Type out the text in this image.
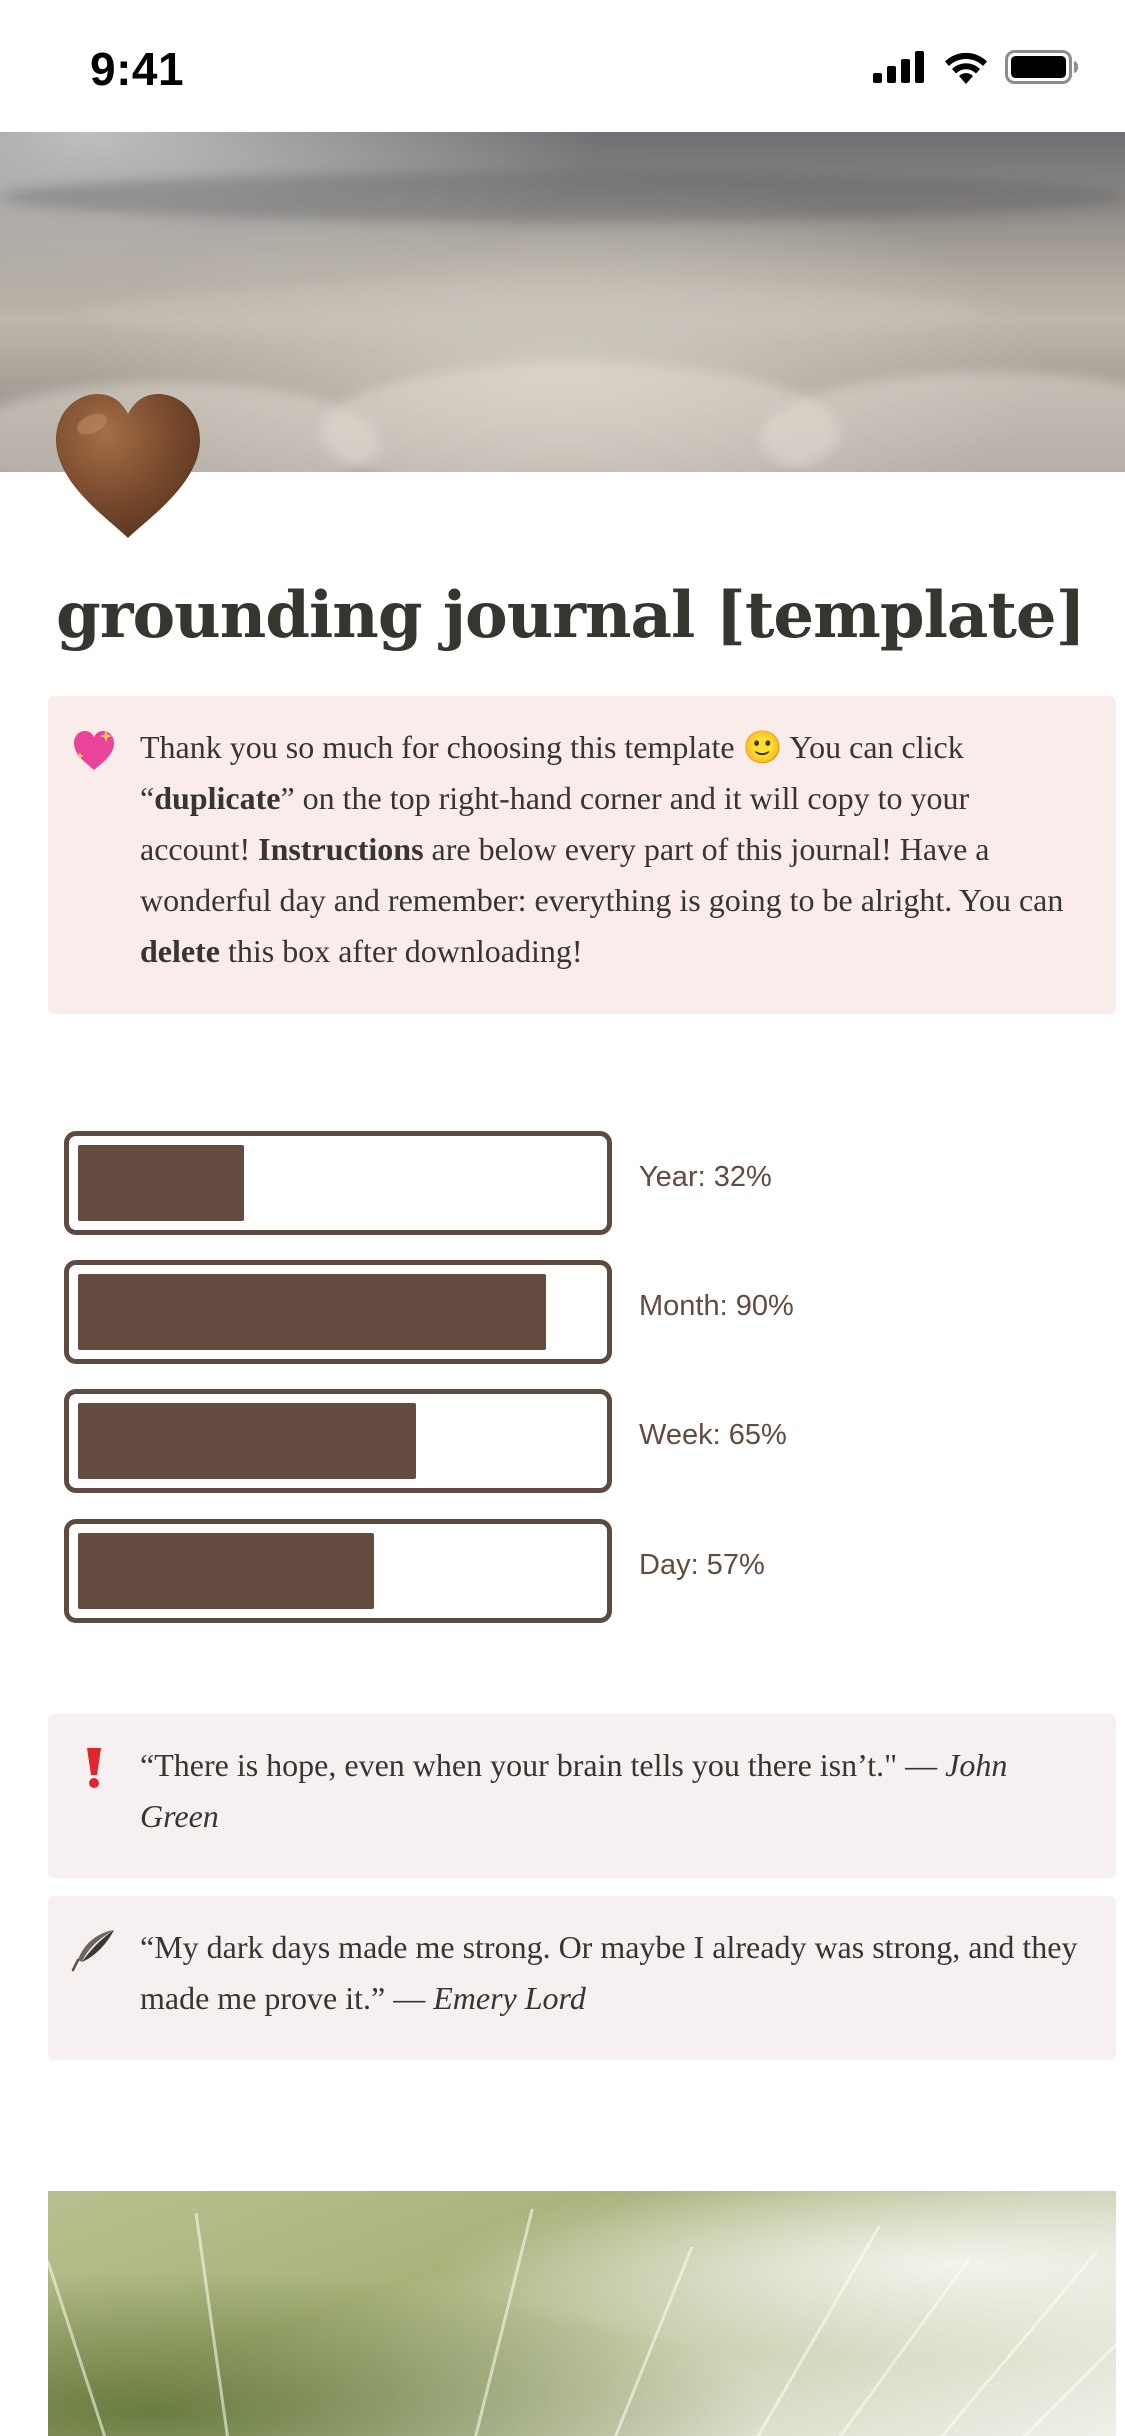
9:41
grounding journal [template]
Thank you so much for choosing this template 🙂 You can click “duplicate” on the top right-hand corner and it will copy to your account! Instructions are below every part of this journal! Have a wonderful day and remember: everything is going to be alright. You can delete this box after downloading!
Year: 32%
Month: 90%
Week: 65%
Day: 57%
“There is hope, even when your brain tells you there isn’t." — John Green
“My dark days made me strong. Or maybe I already was strong, and they made me prove it.” — Emery Lord
